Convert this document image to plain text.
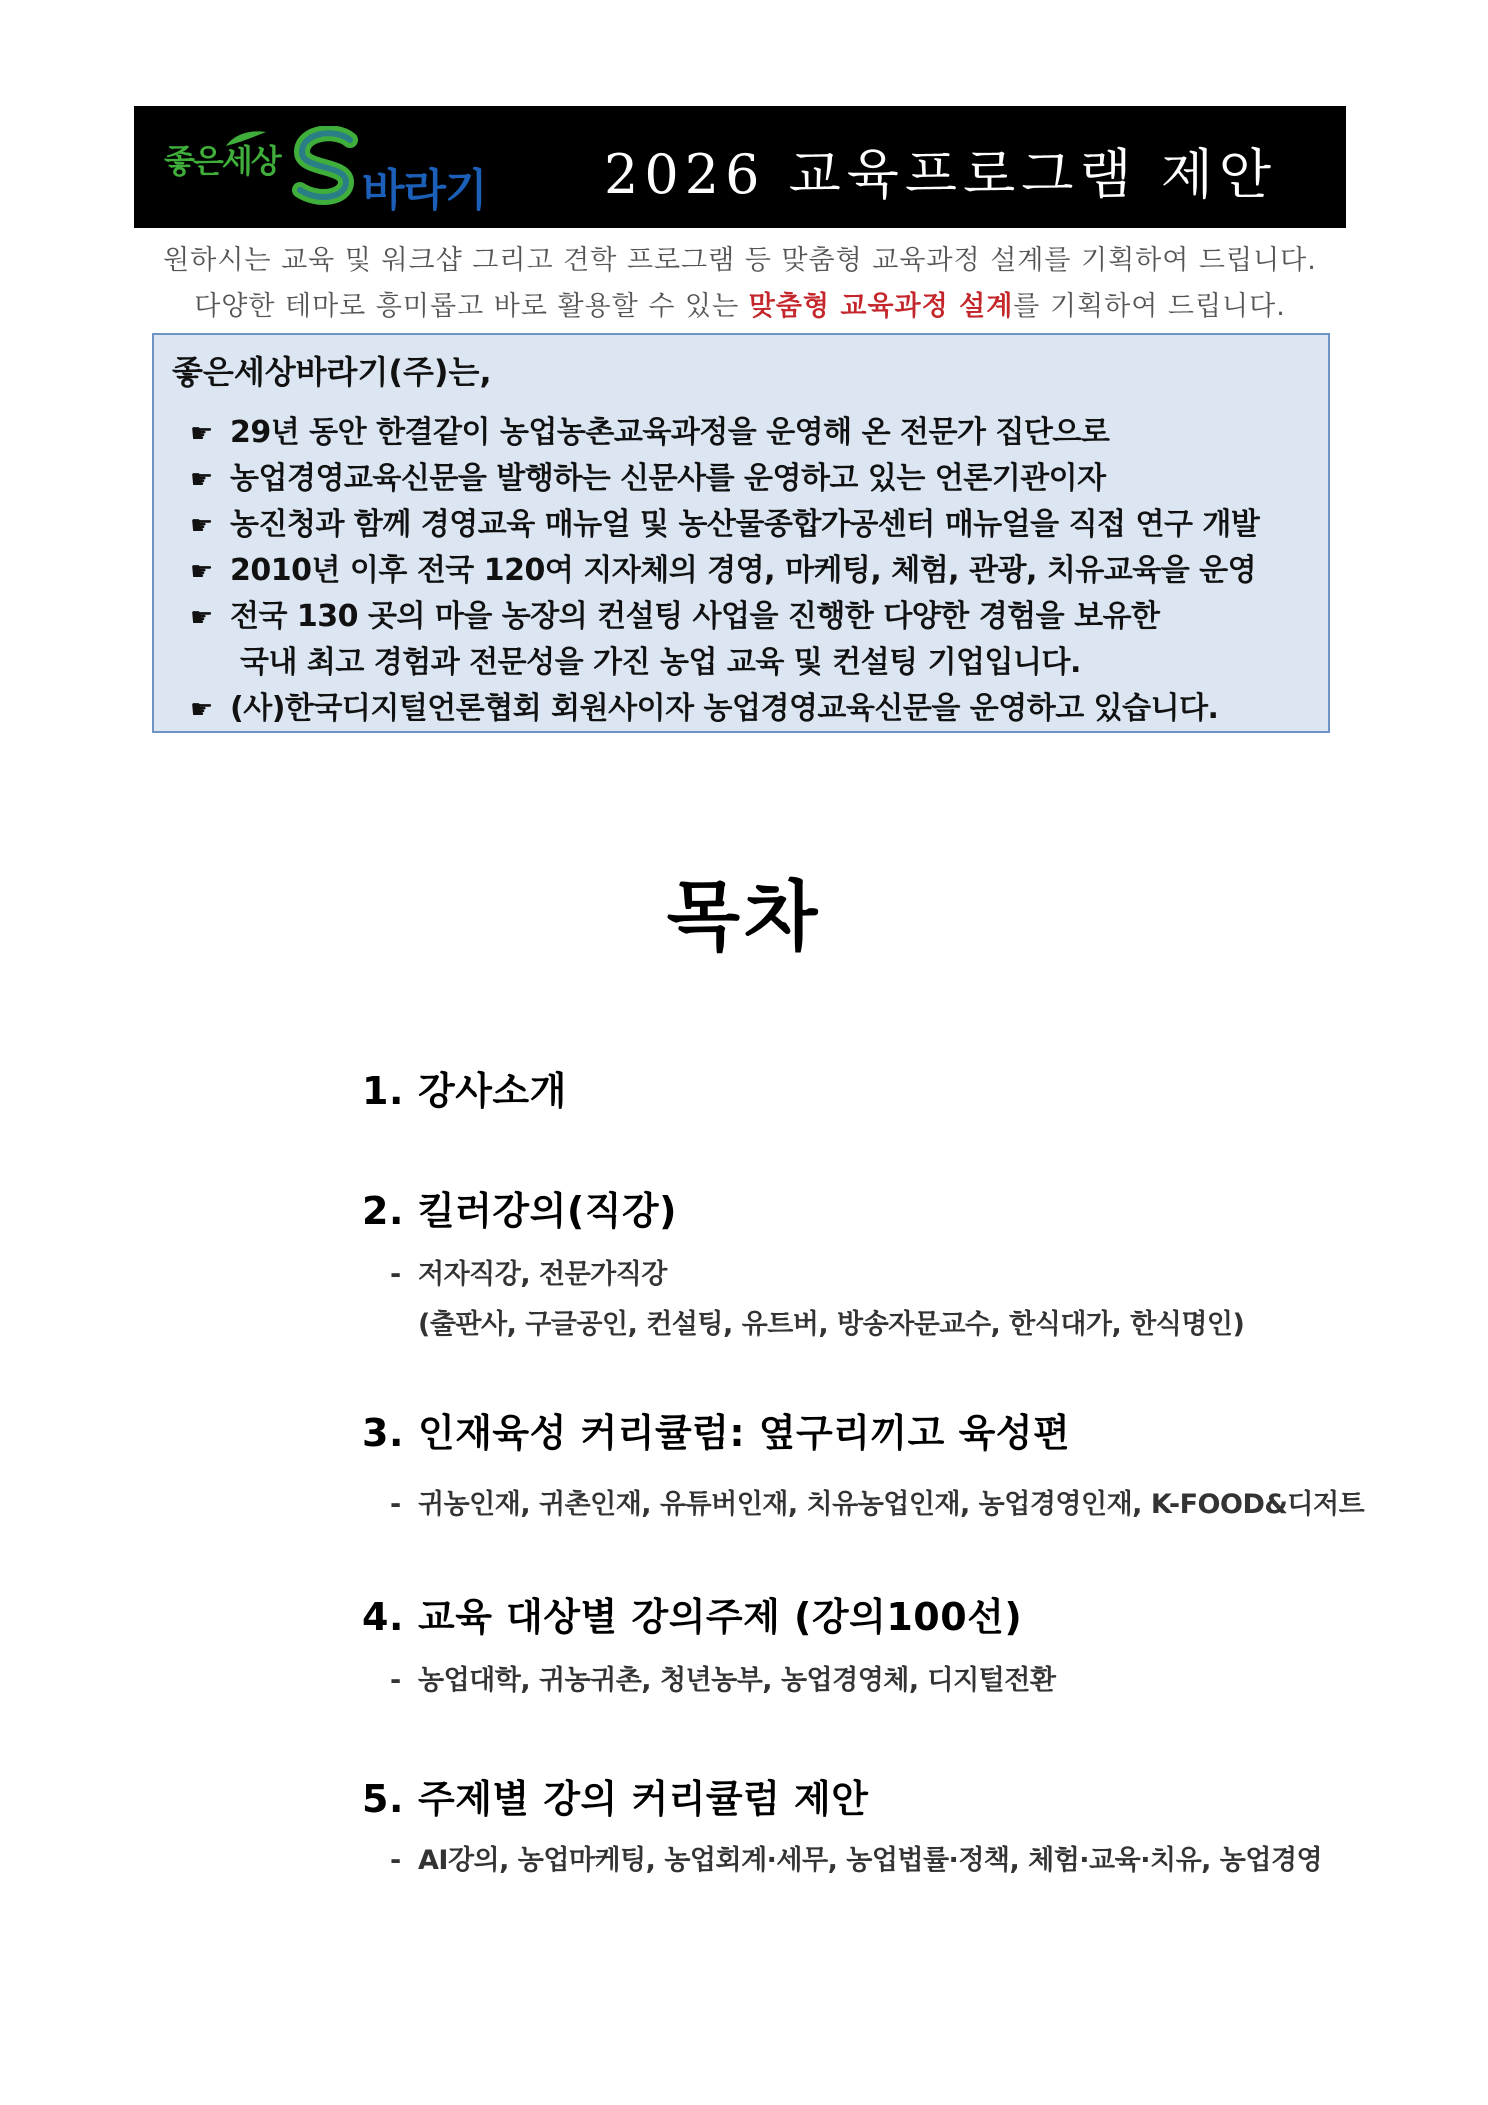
좋은세상
바라기 2026 교육프로그램 제안
원하시는 교육 및 워크샵 그리고 견학 프로그램 등 맞춤형 교육과정 설계를 기획하여 드립니다.
다양한 테마로 흥미롭고 바로 활용할 수 있는 맞춤형 교육과정 설계를 기획하여 드립니다.
좋은세상바라기(주)는,
☛ 29년 동안 한결같이 농업농촌교육과정을 운영해 온 전문가 집단으로
☛ 농업경영교육신문을 발행하는 신문사를 운영하고 있는 언론기관이자
☛ 농진청과 함께 경영교육 매뉴얼 및 농산물종합가공센터 매뉴얼을 직접 연구 개발
☛ 2010년 이후 전국 120여 지자체의 경영, 마케팅, 체험, 관광, 치유교육을 운영
☛ 전국 130 곳의 마을 농장의 컨설팅 사업을 진행한 다양한 경험을 보유한
국내 최고 경험과 전문성을 가진 농업 교육 및 컨설팅 기업입니다.
☛ (사)한국디지털언론협회 회원사이자 농업경영교육신문을 운영하고 있습니다.
목차
1. 강사소개
2. 킬러강의(직강)
- 저자직강, 전문가직강
(출판사, 구글공인, 컨설팅, 유트버, 방송자문교수, 한식대가, 한식명인)
3. 인재육성 커리큘럼: 옆구리끼고 육성편
- 귀농인재, 귀촌인재, 유튜버인재, 치유농업인재, 농업경영인재, K-FOOD&디저트
4. 교육 대상별 강의주제 (강의100선)
- 농업대학, 귀농귀촌, 청년농부, 농업경영체, 디지털전환
5. 주제별 강의 커리큘럼 제안
- AI강의, 농업마케팅, 농업회계·세무, 농업법률·정책, 체험·교육·치유, 농업경영
